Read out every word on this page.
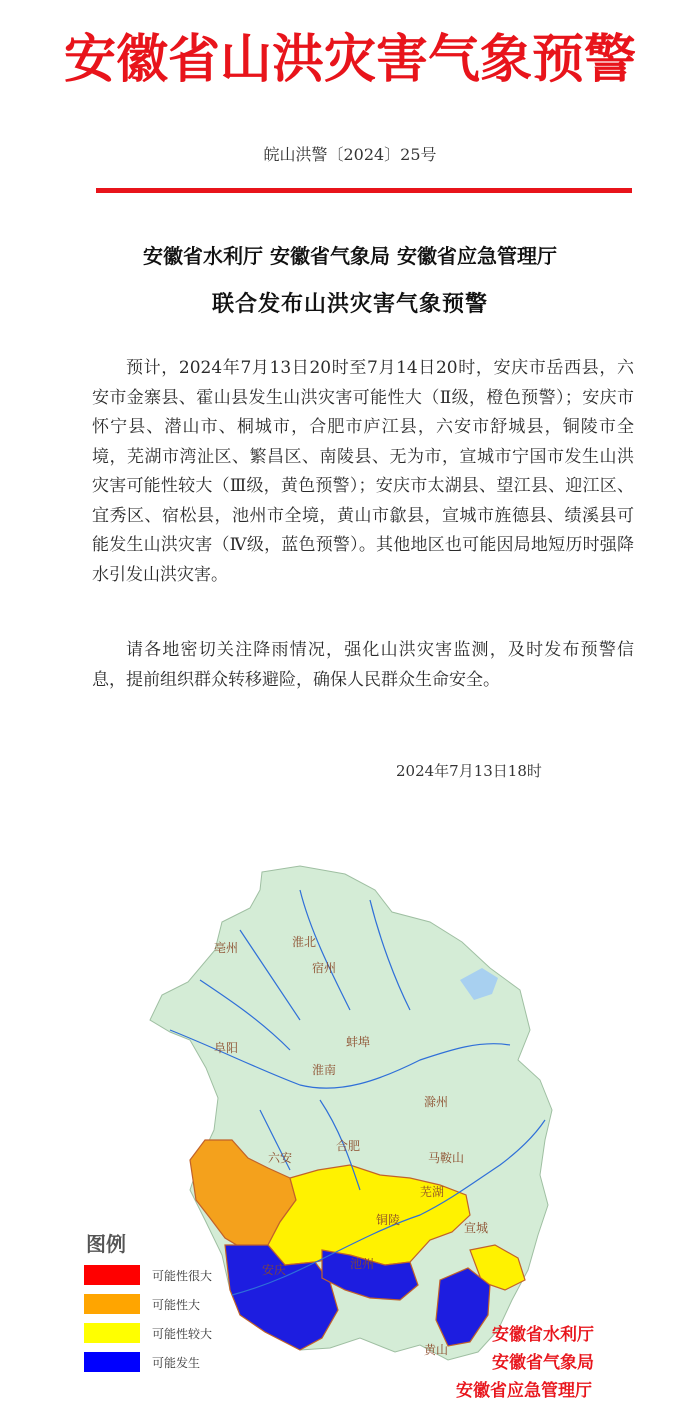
安徽省山洪灾害气象预警
皖山洪警〔2024〕25号
安徽省水利厅 安徽省气象局 安徽省应急管理厅
联合发布山洪灾害气象预警

预计，2024年7月13日20时至7月14日20时，安庆市岳西县，六安市金寨县、霍山县发生山洪灾害可能性大（Ⅱ级，橙色预警）；安庆市怀宁县、潜山市、桐城市，合肥市庐江县，六安市舒城县，铜陵市全境，芜湖市湾沚区、繁昌区、南陵县、无为市，宣城市宁国市发生山洪灾害可能性较大（Ⅲ级，黄色预警）；安庆市太湖县、望江县、迎江区、宜秀区、宿松县，池州市全境，黄山市歙县，宣城市旌德县、绩溪县可能发生山洪灾害（Ⅳ级，蓝色预警）。其他地区也可能因局地短历时强降水引发山洪灾害。

请各地密切关注降雨情况，强化山洪灾害监测，及时发布预警信息，提前组织群众转移避险，确保人民群众生命安全。

2024年7月13日18时
亳州	淮北
宿州
阜阳	蚌埠
淮南
滁州
合肥
六安	马鞍山
芜湖
宣城
池州
安庆
铜陵
黄山
图例
可能性很大
可能性大
可能性较大
可能发生
安徽省水利厅
安徽省气象局
安徽省应急管理厅
